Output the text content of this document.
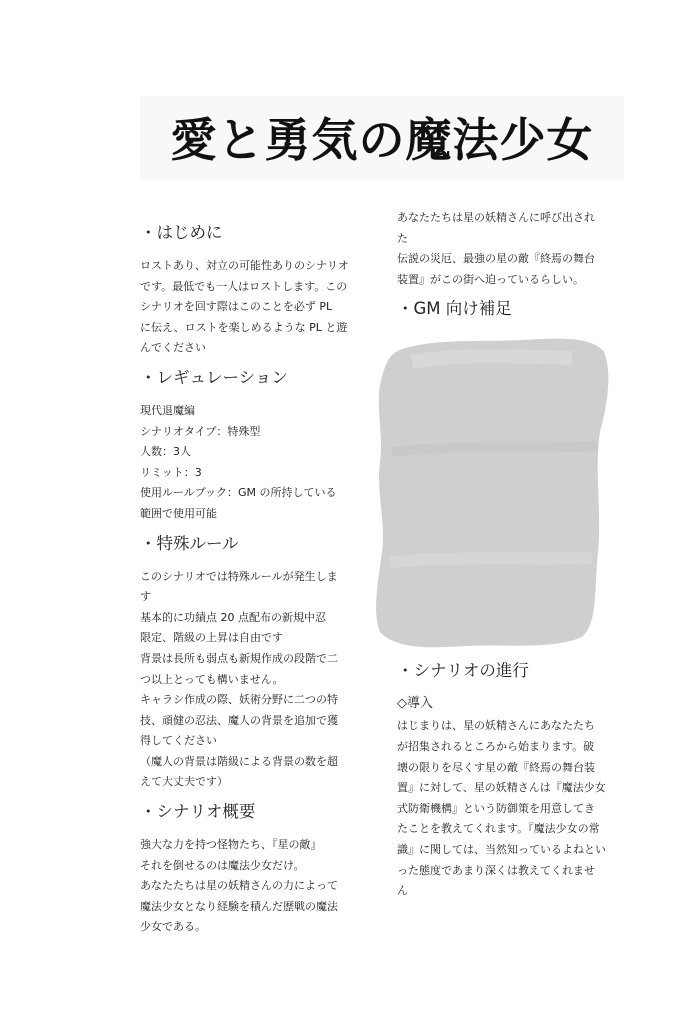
愛と勇気の魔法少女
・はじめに
ロストあり、対立の可能性ありのシナリオ
です。最低でも一人はロストします。この
シナリオを回す際はこのことを必ず PL
に伝え、ロストを楽しめるような PL と遊
んでください
・レギュレーション
現代退魔編
シナリオタイプ：特殊型
人数：3人
リミット：3
使用ルールブック：GM の所持している
範囲で使用可能
・特殊ルール
このシナリオでは特殊ルールが発生しま
す
基本的に功績点 20 点配布の新規中忍
限定、階級の上昇は自由です
背景は長所も弱点も新規作成の段階で二
つ以上とっても構いません。
キャラシ作成の際、妖術分野に二つの特
技、頑健の忍法、魔人の背景を追加で獲
得してください
（魔人の背景は階級による背景の数を超
えて大丈夫です）
・シナリオ概要
強大な力を持つ怪物たち、『星の敵』
それを倒せるのは魔法少女だけ。
あなたたちは星の妖精さんの力によって
魔法少女となり経験を積んだ歴戦の魔法
少女である。
あなたたちは星の妖精さんに呼び出され
た
伝説の災厄、最強の星の敵『終焉の舞台
装置』がこの街へ迫っているらしい。
・GM 向け補足
・シナリオの進行
◇導入
はじまりは、星の妖精さんにあなたたち
が招集されるところから始まります。破
壊の限りを尽くす星の敵『終焉の舞台装
置』に対して、星の妖精さんは『魔法少女
式防衛機構』という防御策を用意してき
たことを教えてくれます。『魔法少女の常
識』に関しては、当然知っているよねとい
った態度であまり深くは教えてくれませ
ん
